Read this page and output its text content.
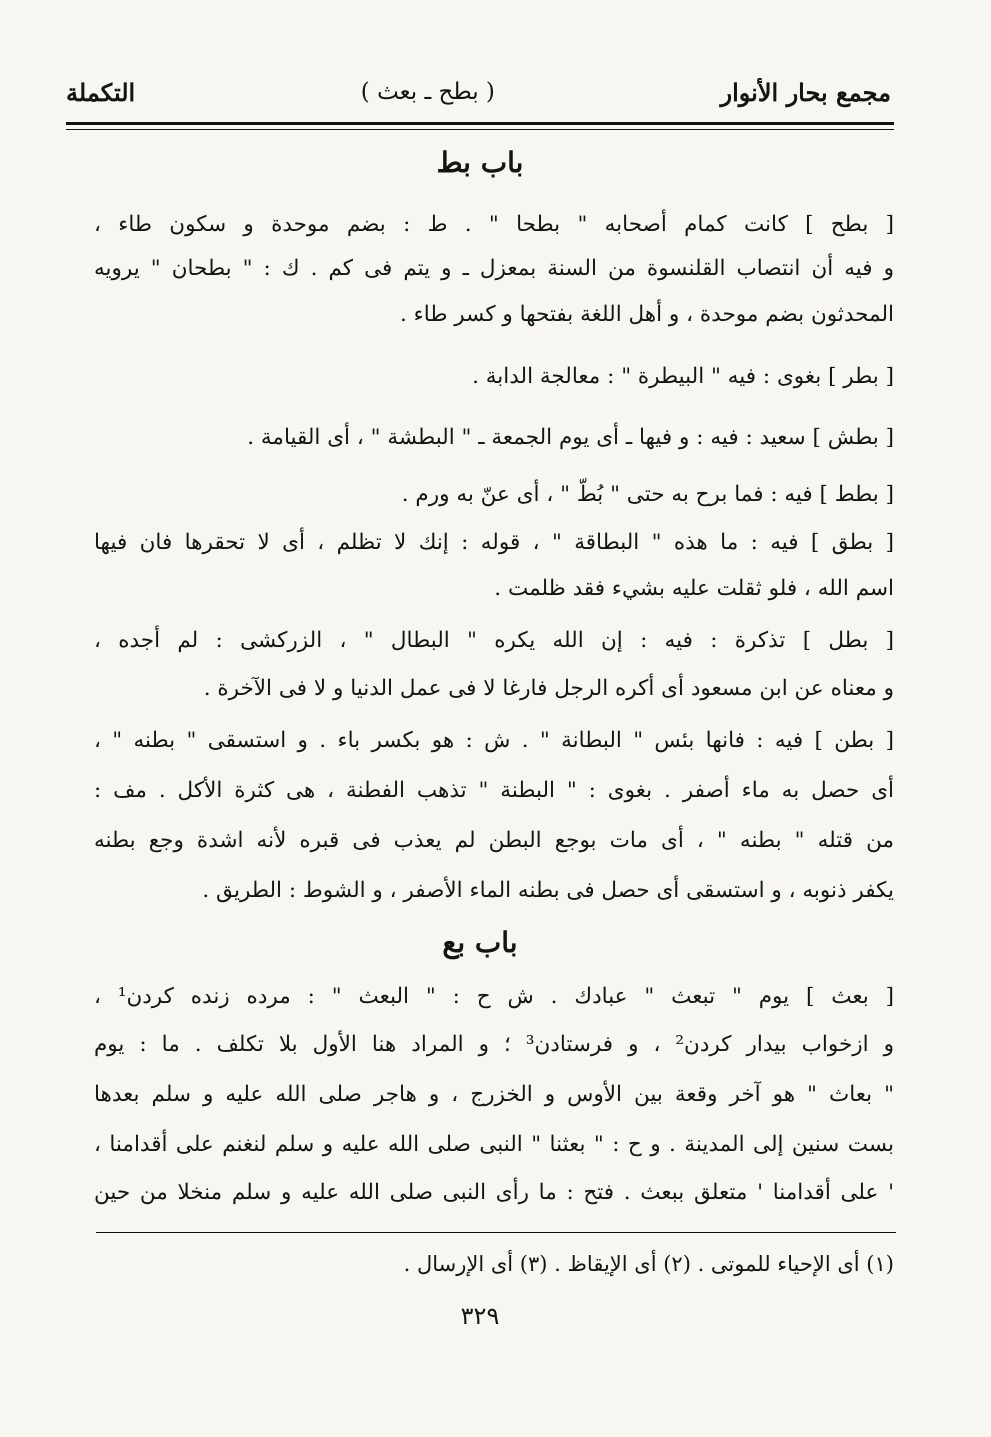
مجمع بحار الأنوار
( بطح ـ بعث )
التكملة
باب بط
[ بطح ] كانت كمام أصحابه " بطحا " . ط : بضم موحدة و سكون طاء ،
و فيه أن انتصاب القلنسوة من السنة بمعزل ـ و يتم فى كم . ك : " بطحان " يرويه
المحدثون بضم موحدة ، و أهل اللغة بفتحها و كسر طاء .
[ بطر ] بغوى : فيه " البيطرة " : معالجة الدابة .
[ بطش ] سعيد : فيه : و فيها ـ أى يوم الجمعة ـ " البطشة " ، أى القيامة .
[ بطط ] فيه : فما برح به حتى " بُطّ " ، أى عنّ به ورم .
[ بطق ] فيه : ما هذه " البطاقة " ، قوله : إنك لا تظلم ، أى لا تحقرها فان فيها
اسم الله ، فلو ثقلت عليه بشيء فقد ظلمت .
[ بطل ] تذكرة : فيه : إن الله يكره " البطال " ، الزركشى : لم أجده ،
و معناه عن ابن مسعود أى أكره الرجل فارغا لا فى عمل الدنيا و لا فى الآخرة .
[ بطن ] فيه : فانها بئس " البطانة " . ش : هو بكسر باء . و استسقى " بطنه " ،
أى حصل به ماء أصفر . بغوى : " البطنة " تذهب الفطنة ، هى كثرة الأكل . مف :
من قتله " بطنه " ، أى مات بوجع البطن لم يعذب فى قبره لأنه اشدة وجع بطنه
يكفر ذنوبه ، و استسقى أى حصل فى بطنه الماء الأصفر ، و الشوط : الطريق .
باب بع
[ بعث ] يوم " تبعث " عبادك . ش ح : " البعث " : مرده زنده كردن¹ ،
و ازخواب بيدار كردن² ، و فرستادن³ ؛ و المراد هنا الأول بلا تكلف . ما : يوم
" بعاث " هو آخر وقعة بين الأوس و الخزرج ، و هاجر صلى الله عليه و سلم بعدها
بست سنين إلى المدينة . و ح : " بعثنا " النبى صلى الله عليه و سلم لنغنم على أقدامنا ،
' على أقدامنا ' متعلق ببعث . فتح : ما رأى النبى صلى الله عليه و سلم منخلا من حين
(١) أى الإحياء للموتى . (٢) أى الإيقاظ . (٣) أى الإرسال .
٣٢٩
